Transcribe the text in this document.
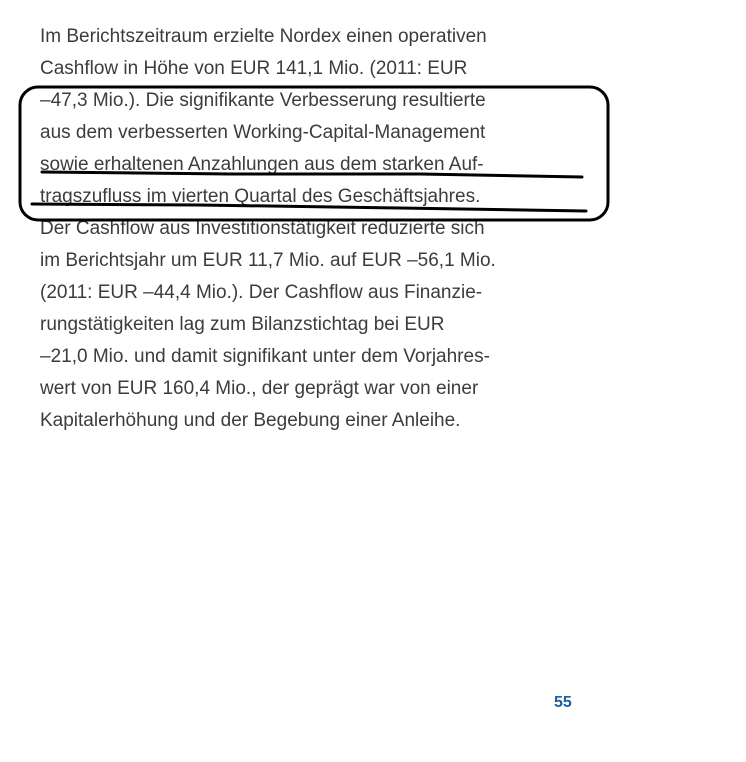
Im Berichtszeitraum erzielte Nordex einen operativen
Cashflow in Höhe von EUR 141,1 Mio. (2011: EUR
–47,3 Mio.). Die signifikante Verbesserung resultierte
aus dem verbesserten Working-Capital-Management
sowie erhaltenen Anzahlungen aus dem starken Auf-
tragszufluss im vierten Quartal des Geschäftsjahres.
Der Cashflow aus Investitionstätigkeit reduzierte sich
im Berichtsjahr um EUR 11,7 Mio. auf EUR –56,1 Mio.
(2011: EUR –44,4 Mio.). Der Cashflow aus Finanzie-
rungstätigkeiten lag zum Bilanzstichtag bei EUR
–21,0 Mio. und damit signifikant unter dem Vorjahres-
wert von EUR 160,4 Mio., der geprägt war von einer
Kapitalerhöhung und der Begebung einer Anleihe.
55
